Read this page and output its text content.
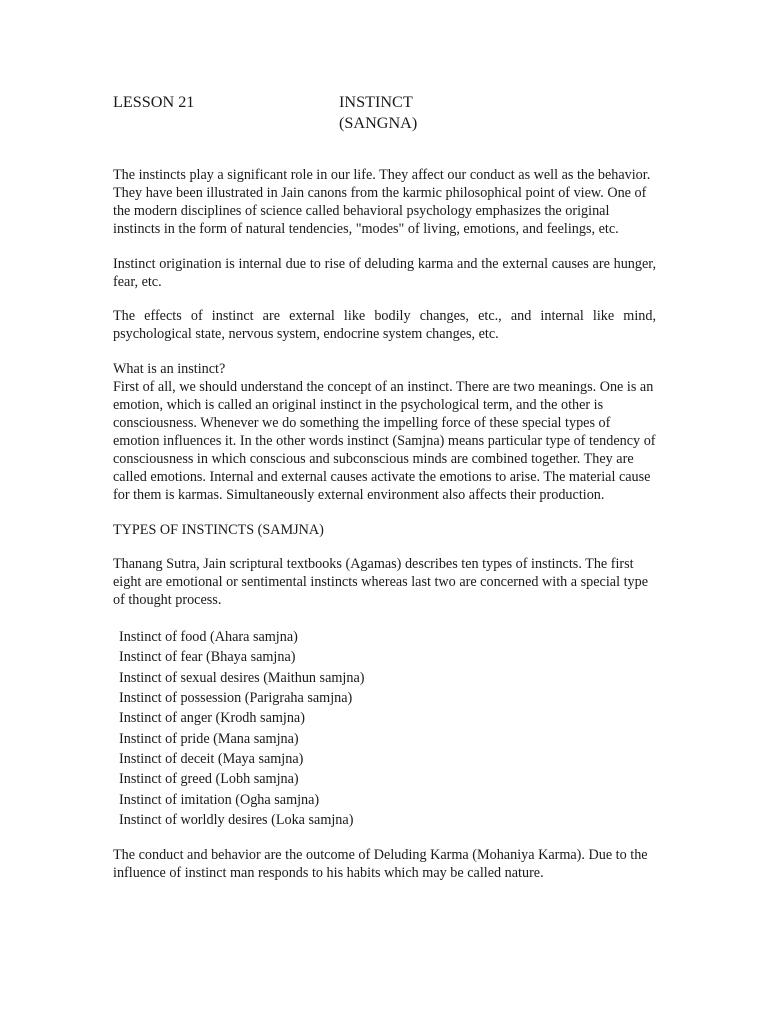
LESSON 21	INSTINCT
(SANGNA)

The instincts play a significant role in our life. They affect our conduct as well as the behavior. They have been illustrated in Jain canons from the karmic philosophical point of view. One of the modern disciplines of science called behavioral psychology emphasizes the original instincts in the form of natural tendencies, "modes" of living, emotions, and feelings, etc.

Instinct origination is internal due to rise of deluding karma and the external causes are hunger, fear, etc.

The effects of instinct are external like bodily changes, etc., and internal like mind, psychological state, nervous system, endocrine system changes, etc.

What is an instinct?

First of all, we should understand the concept of an instinct. There are two meanings. One is an emotion, which is called an original instinct in the psychological term, and the other is consciousness. Whenever we do something the impelling force of these special types of emotion influences it. In the other words instinct (Samjna) means particular type of tendency of consciousness in which conscious and subconscious minds are combined together. They are called emotions. Internal and external causes activate the emotions to arise. The material cause for them is karmas. Simultaneously external environment also affects their production.

TYPES OF INSTINCTS (SAMJNA)

Thanang Sutra, Jain scriptural textbooks (Agamas) describes ten types of instincts. The first eight are emotional or sentimental instincts whereas last two are concerned with a special type of thought process.

Instinct of food (Ahara samjna)
Instinct of fear (Bhaya samjna)
Instinct of sexual desires (Maithun samjna)
Instinct of possession (Parigraha samjna)
Instinct of anger (Krodh samjna)
Instinct of pride (Mana samjna)
Instinct of deceit (Maya samjna)
Instinct of greed (Lobh samjna)
Instinct of imitation (Ogha samjna)
Instinct of worldly desires (Loka samjna)

The conduct and behavior are the outcome of Deluding Karma (Mohaniya Karma). Due to the influence of instinct man responds to his habits which may be called nature.
